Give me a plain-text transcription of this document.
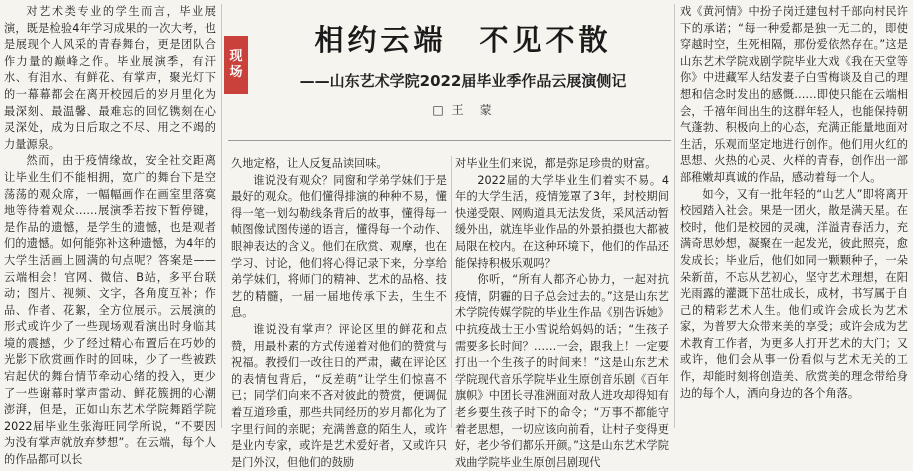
对艺术类专业的学生而言，毕业展演，既是检验4年学习成果的一次大考，也是展现个人风采的青春舞台，更是团队合作力量的巅峰之作。毕业展演季，有汗水、有泪水、有鲜花、有掌声，聚光灯下的一幕幕都会在离开校园后的岁月里化为最深刻、最温馨、最难忘的回忆镌刻在心灵深处，成为日后取之不尽、用之不竭的力量源泉。

然而，由于疫情缘故，安全社交距离让毕业生们不能相拥，宽广的舞台下是空荡荡的观众席，一幅幅画作在画室里落寞地等待着观众……展演季若按下暂停键，是作品的遗憾，是学生的遗憾，也是观者们的遗憾。如何能弥补这种遗憾，为4年的大学生活画上圆满的句点呢？答案是——云端相会！官网、微信、B站，多平台联动；图片、视频、文字，各角度互补；作品、作者、花絮，全方位展示。云展演的形式或许少了一些现场观看演出时身临其境的震撼，少了经过精心布置后在巧妙的光影下欣赏画作时的回味，少了一些被跌宕起伏的舞台情节牵动心绪的投入，更少了一些谢幕时掌声雷动、鲜花簇拥的心潮澎湃，但是，正如山东艺术学院舞蹈学院2022届毕业生张海旺同学所说，“不要因为没有掌声就放弃梦想”。在云端，每个人的作品都可以长

现
场
相约云端　不见不散
——山东艺术学院2022届毕业季作品云展演侧记
□ 王　蒙

久地定格，让人反复品读回味。

谁说没有观众？同窗和学弟学妹们于是最好的观众。他们懂得排演的种种不易，懂得一笔一划勾勒线条背后的故事，懂得每一帧图像试图传递的语言，懂得每一个动作、眼神表达的含义。他们在欣赏、观摩，也在学习、讨论，他们将心得记录下来，分享给弟学妹们，将师门的精神、艺术的品格、技艺的精髓，一届一届地传承下去，生生不息。

谁说没有掌声？评论区里的鲜花和点赞，用最朴素的方式传递着对他们的赞赏与祝福。教授们一改往日的严肃，藏在评论区的表情包背后，“反差萌”让学生们惊喜不已；同学们向来不吝对彼此的赞赏，便调侃着互道珍重，那些共同经历的岁月都化为了字里行间的亲昵；充满善意的陌生人，或许是业内专家，或许是艺术爱好者，又或许只是门外汉，但他们的鼓励

对毕业生们来说，都是弥足珍贵的财富。

2022届的大学毕业生们着实不易。4年的大学生活，疫情笼罩了3年，封校期间快递受限、网购道具无法发货，采风活动暂缓外出，就连毕业作品的外景拍摄也大都被局限在校内。在这种环境下，他们的作品还能保持积极乐观吗？

你听，“所有人都齐心协力，一起对抗疫情，阴霾的日子总会过去的。”这是山东艺术学院传媒学院的毕业生作品《别告诉她》中抗疫战士王小雪说给妈妈的话；“生孩子需要多长时间？……一会，跟我上！一定要打出一个生孩子的时间来！”这是山东艺术学院现代音乐学院毕业生原创音乐剧《百年旗帜》中团长寻准洲面对敌人进攻却得知有老乡要生孩子时下的命令；“万事不都能守着老思想，一切应该向前看，让村子变得更好，老少爷们都乐开颜。”这是山东艺术学院戏曲学院毕业生原创吕剧现代

戏《黄河情》中扮子岗迁建包村千部向村民许下的承诺；“每一种爱都是独一无二的，即使穿越时空，生死相隔，那份爱依然存在。”这是山东艺术学院戏剧学院毕业大戏《我在天堂等你》中进藏军人结发妻子白雪梅谈及自己的理想和信念时发出的感慨……即使只能在云端相会，千禧年间出生的这群年轻人，也能保持朝气蓬勃、积极向上的心态，充满正能量地面对生活，乐观而坚定地进行创作。他们用火红的思想、火热的心灵、火样的青春，创作出一部部稚嫩却真诚的作品，感动着每一个人。

如今，又有一批年轻的“山艺人”即将离开校园踏入社会。果是一团火，散是满天星。在校时，他们是校园的灵魂，洋溢青春活力，充满奇思妙想，凝聚在一起发光，彼此照亮，愈发成长；毕业后，他们如同一颗颗种子，一朵朵新苗，不忘从艺初心，坚守艺术理想，在阳光雨露的灌溉下茁壮成长，成材，书写属于自己的精彩艺术人生。他们或许会成长为艺术家，为普罗大众带来美的享受；或许会成为艺术教育工作者，为更多人打开艺术的大门；又或许，他们会从事一份看似与艺术无关的工作，却能时刻将创造美、欣赏美的理念带给身边的每个人，洒向身边的各个角落。
